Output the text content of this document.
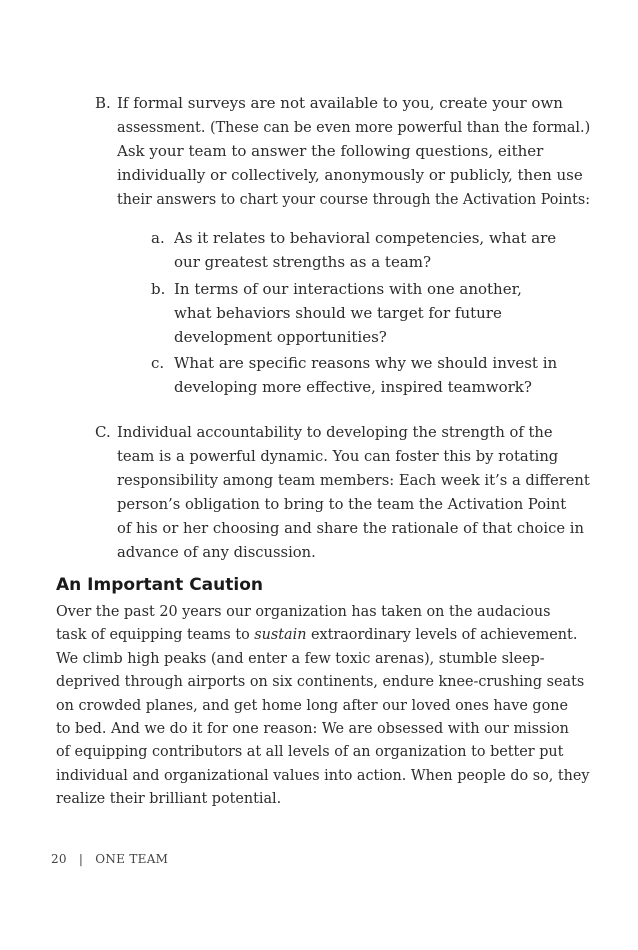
B. If formal surveys are not available to you, create your own
assessment. (These can be even more powerful than the formal.)
Ask your team to answer the following questions, either
individually or collectively, anonymously or publicly, then use
their answers to chart your course through the Activation Points:
a. As it relates to behavioral competencies, what are
our greatest strengths as a team?
b. In terms of our interactions with one another,
what behaviors should we target for future
development opportunities?
c. What are specific reasons why we should invest in
developing more effective, inspired teamwork?
C. Individual accountability to developing the strength of the
team is a powerful dynamic. You can foster this by rotating
responsibility among team members: Each week it’s a different
person’s obligation to bring to the team the Activation Point
of his or her choosing and share the rationale of that choice in
advance of any discussion.
An Important Caution
Over the past 20 years our organization has taken on the audacious
task of equipping teams to sustain extraordinary levels of achievement.
We climb high peaks (and enter a few toxic arenas), stumble sleep-
deprived through airports on six continents, endure knee-crushing seats
on crowded planes, and get home long after our loved ones have gone
to bed. And we do it for one reason: We are obsessed with our mission
of equipping contributors at all levels of an organization to better put
individual and organizational values into action. When people do so, they
realize their brilliant potential.
20 | ONE TEAM
